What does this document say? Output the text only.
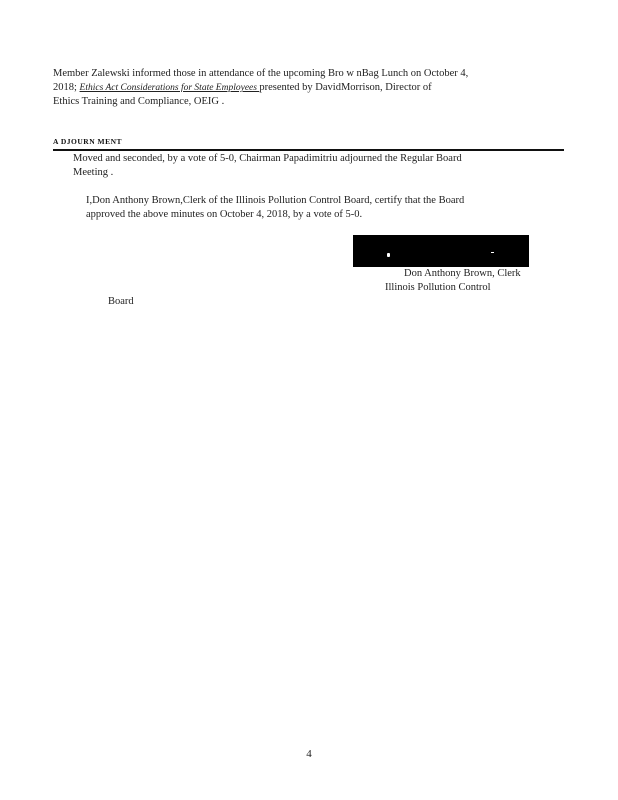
Member Zalewski informed those in attendance of the upcoming Bro w nBag Lunch on October 4,
2018; Ethics Act Considerations for State Employees presented by DavidMorrison, Director of
Ethics Training and Compliance, OEIG .
A DJOURN MENT
Moved and seconded, by a vote of 5-0, Chairman Papadimitriu adjourned the Regular Board
Meeting .
I,Don Anthony Brown,Clerk of the Illinois Pollution Control Board, certify that the Board
approved the above minutes on October 4, 2018, by a vote of 5-0.
Don Anthony Brown, Clerk
Illinois Pollution Control
Board
4
